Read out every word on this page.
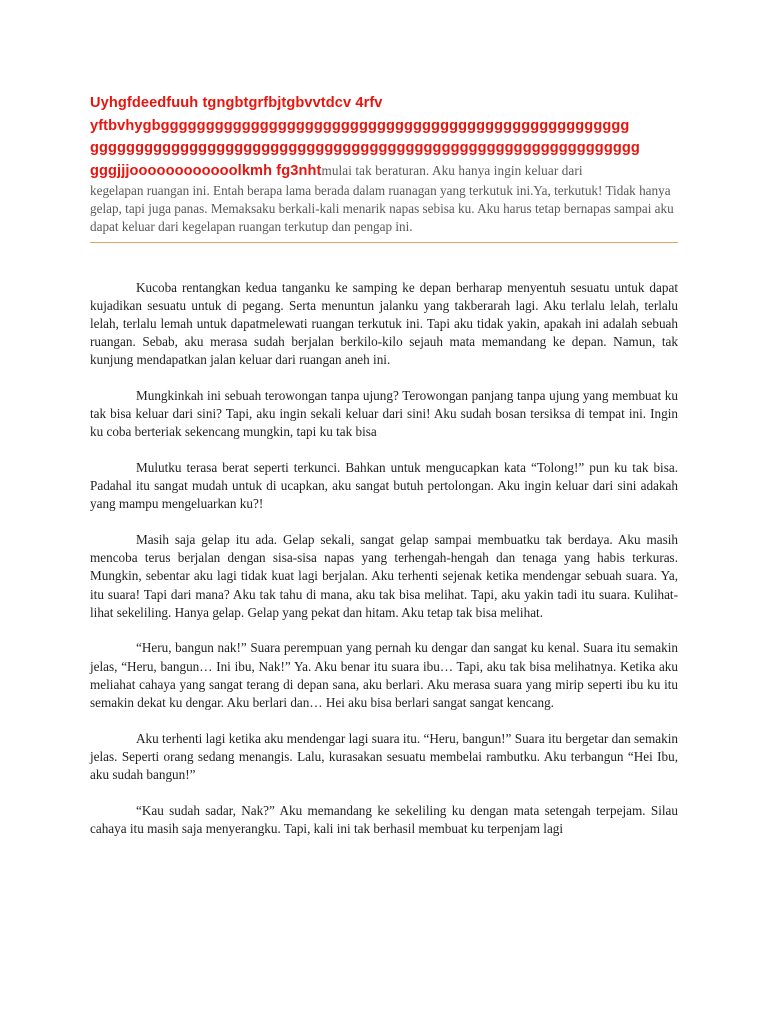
Uyhgfdeedfuuh tgngbtgrfbjtgbvvtdcv 4rfv
yftbvhygbgggggggggggggggggggggggggggggggggggggggggggggggggggg
ggggggggggggggggggggggggggggggggggggggggggggggggggggggggggggg
gggjjjoooooooooooolkmh fg3nhtmulai tak beraturan. Aku hanya ingin keluar dari

kegelapan ruangan ini. Entah berapa lama berada dalam ruanagan yang terkutuk ini.Ya, terkutuk! Tidak hanya gelap, tapi juga panas. Memaksaku berkali-kali menarik napas sebisa ku. Aku harus tetap bernapas sampai aku dapat keluar dari kegelapan ruangan terkutup dan pengap ini.

Kucoba rentangkan kedua tanganku ke samping ke depan berharap menyentuh sesuatu untuk dapat kujadikan sesuatu untuk di pegang. Serta menuntun jalanku yang takberarah lagi. Aku terlalu lelah, terlalu lelah, terlalu lemah untuk dapatmelewati ruangan terkutuk ini. Tapi aku tidak yakin, apakah ini adalah sebuah ruangan. Sebab, aku merasa sudah berjalan berkilo-kilo sejauh mata memandang ke depan. Namun, tak kunjung mendapatkan jalan keluar dari ruangan aneh ini.

Mungkinkah ini sebuah terowongan tanpa ujung? Terowongan panjang tanpa ujung yang membuat ku tak bisa keluar dari sini? Tapi, aku ingin sekali keluar dari sini! Aku sudah bosan tersiksa di tempat ini. Ingin ku coba berteriak sekencang mungkin, tapi ku tak bisa

Mulutku terasa berat seperti terkunci. Bahkan untuk mengucapkan kata “Tolong!” pun ku tak bisa. Padahal itu sangat mudah untuk di ucapkan, aku sangat butuh pertolongan. Aku ingin keluar dari sini adakah yang mampu mengeluarkan ku?!

Masih saja gelap itu ada. Gelap sekali, sangat gelap sampai membuatku tak berdaya. Aku masih mencoba terus berjalan dengan sisa-sisa napas yang terhengah-hengah dan tenaga yang habis terkuras. Mungkin, sebentar aku lagi tidak kuat lagi berjalan. Aku terhenti sejenak ketika mendengar sebuah suara. Ya, itu suara! Tapi dari mana? Aku tak tahu di mana, aku tak bisa melihat. Tapi, aku yakin tadi itu suara. Kulihat-lihat sekeliling. Hanya gelap. Gelap yang pekat dan hitam. Aku tetap tak bisa melihat.

“Heru, bangun nak!” Suara perempuan yang pernah ku dengar dan sangat ku kenal. Suara itu semakin jelas, “Heru, bangun… Ini ibu, Nak!” Ya. Aku benar itu suara ibu… Tapi, aku tak bisa melihatnya. Ketika aku meliahat cahaya yang sangat terang di depan sana, aku berlari. Aku merasa suara yang mirip seperti ibu ku itu semakin dekat ku dengar. Aku berlari dan… Hei aku bisa berlari sangat sangat kencang.

Aku terhenti lagi ketika aku mendengar lagi suara itu. “Heru, bangun!” Suara itu bergetar dan semakin jelas. Seperti orang sedang menangis. Lalu, kurasakan sesuatu membelai rambutku. Aku terbangun “Hei Ibu, aku sudah bangun!”

“Kau sudah sadar, Nak?” Aku memandang ke sekeliling ku dengan mata setengah terpejam. Silau cahaya itu masih saja menyerangku. Tapi, kali ini tak berhasil membuat ku terpenjam lagi
